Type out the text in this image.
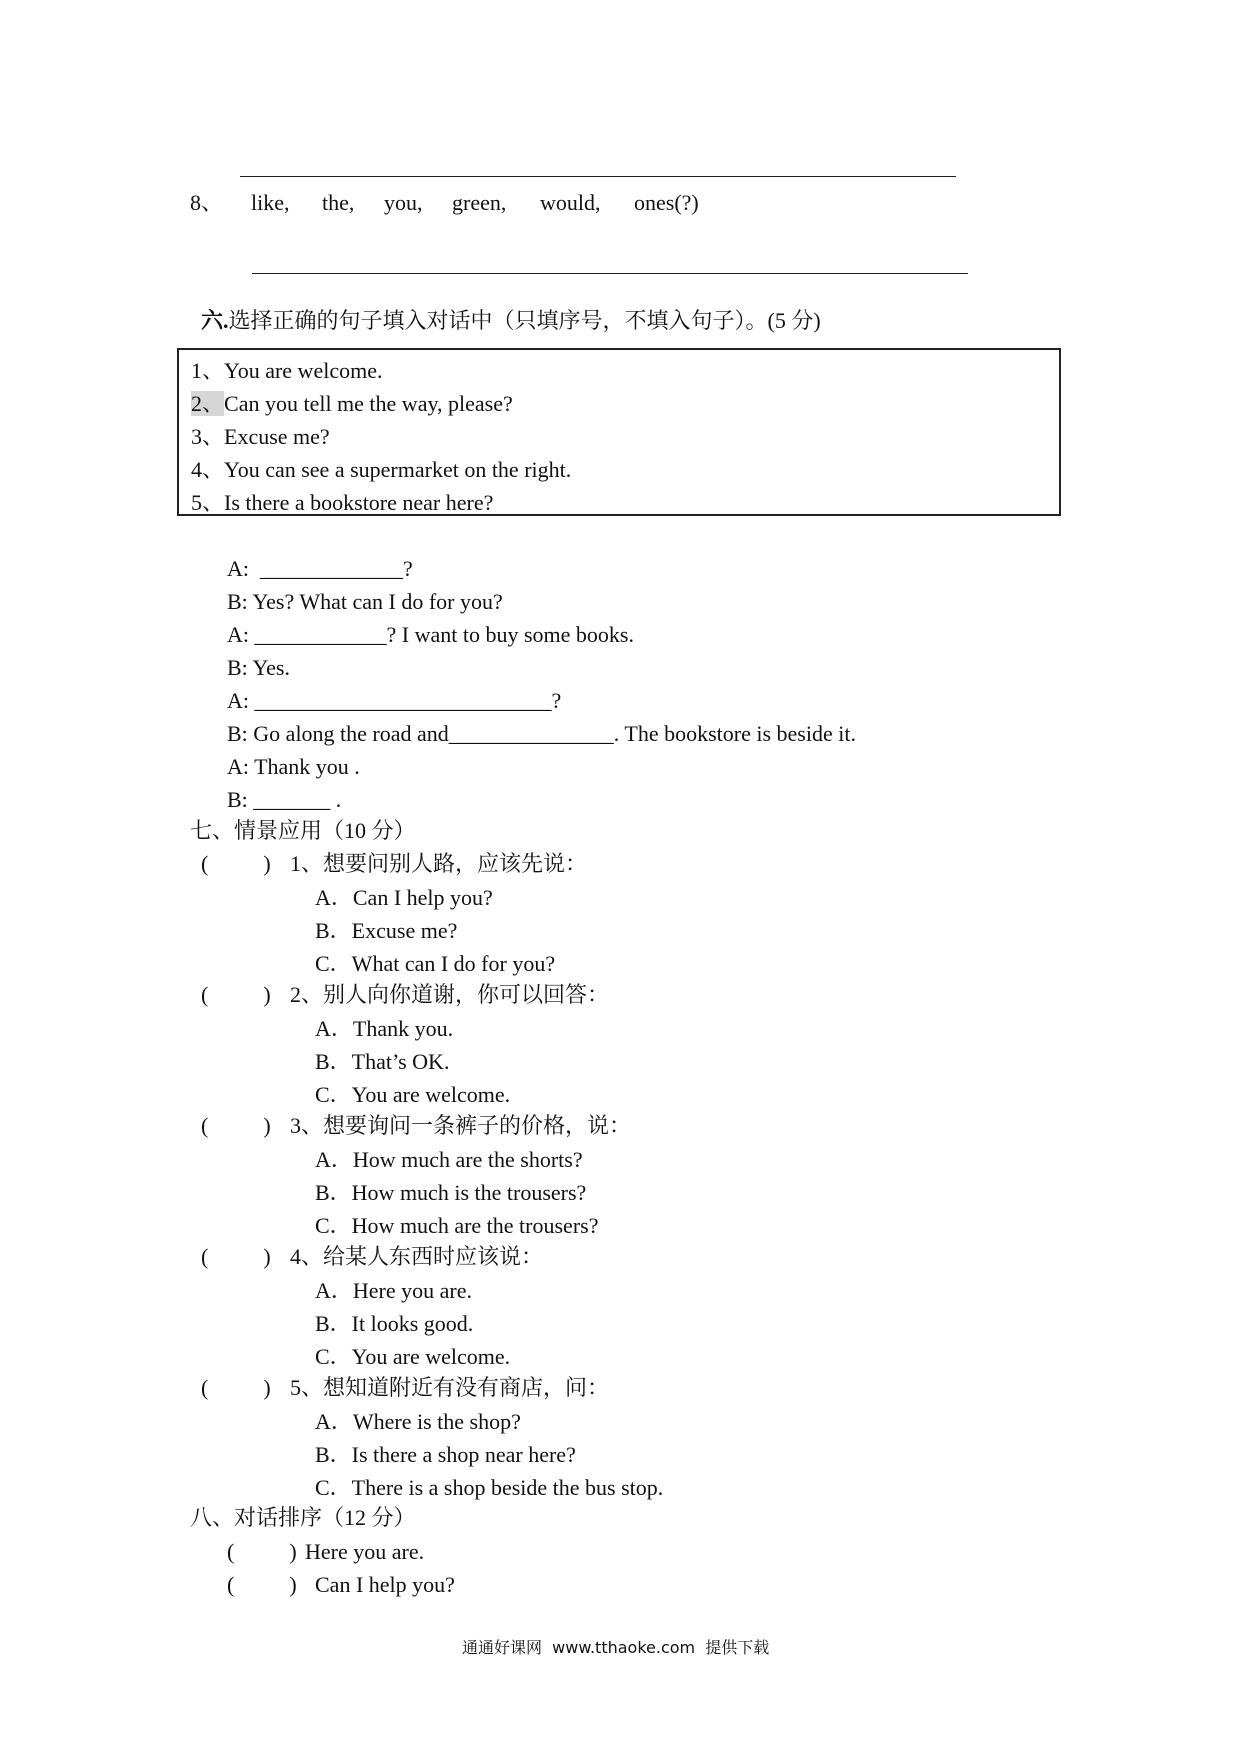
8、 like, the, you, green, would, ones(?)

六.选择正确的句子填入对话中（只填序号，不填入句子）。(5 分)

1、You are welcome.
2、Can you tell me the way, please?
3、Excuse me?
4、You can see a supermarket on the right.
5、Is there a bookstore near here?
A:  _____________?
B: Yes? What can I do for you?
A: ____________? I want to buy some books.
B: Yes.
A: ___________________________?
B: Go along the road and_______________. The bookstore is beside it.
A: Thank you .
B: _______ .
七、情景应用（10 分）
(          ) 1、想要问别人路，应该先说：
A．Can I help you?
B．Excuse me?
C．What can I do for you?
(          ) 2、别人向你道谢，你可以回答：
A．Thank you.
B．That’s OK.
C．You are welcome.
(          ) 3、想要询问一条裤子的价格，说：
A．How much are the shorts?
B．How much is the trousers?
C．How much are the trousers?
(          ) 4、给某人东西时应该说：
A．Here you are.
B．It looks good.
C．You are welcome.
(          ) 5、想知道附近有没有商店，问：
A．Where is the shop?
B．Is there a shop near here?
C．There is a shop beside the bus stop.
八、对话排序（12 分）
(          ) Here you are.
(          ) Can I help you?
通通好课网  www.tthaoke.com  提供下载
